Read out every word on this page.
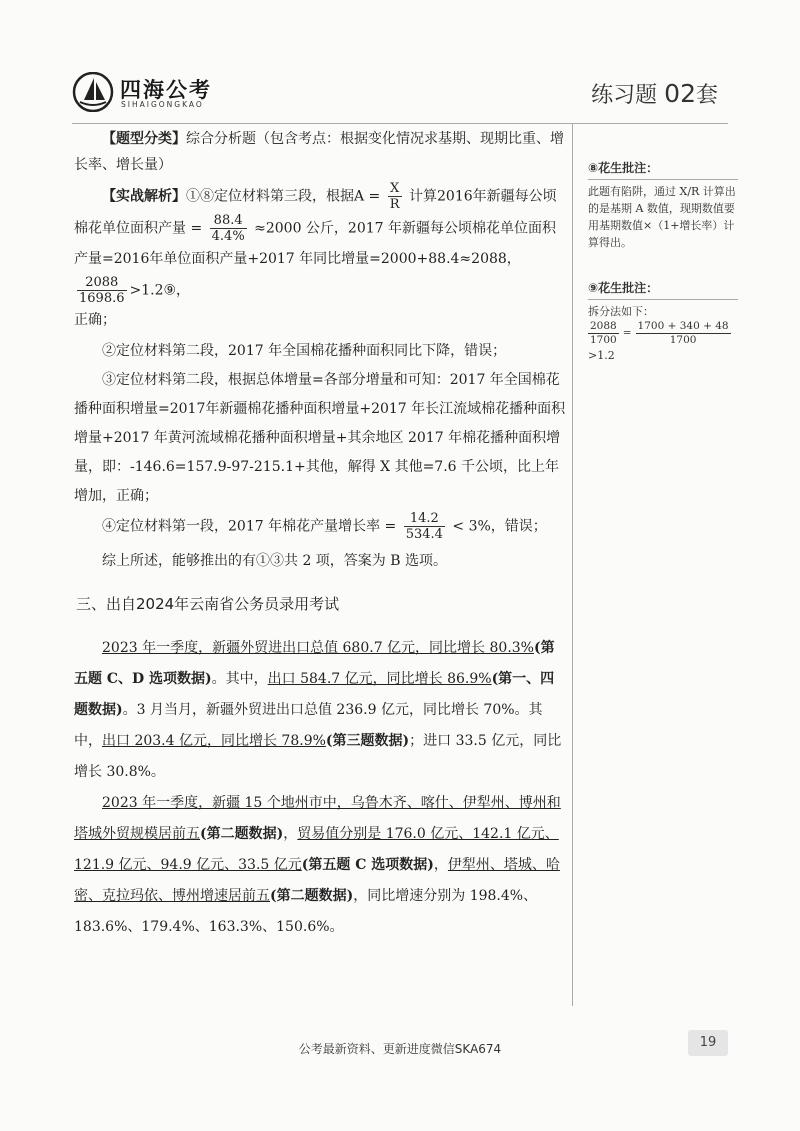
四海公考
SIHAIGONGKAO	练习题 02套

【题型分类】综合分析题（包含考点：根据变化情况求基期、现期比重、增长率、增长量）

【实战解析】①⑧定位材料第三段，根据$A = \frac{X}{R}$ 计算2016年新疆每公顷棉花单位面积产量 = $\frac{88.4}{4.4\%} \approx 2000$ 公斤，2017 年新疆每公顷棉花单位面积产量=2016年单位面积产量+2017 年同比增量=2000+88.4≈2088，
$\frac{2088}{1698.6}$ >1.2⑨，

正确；

②定位材料第二段，2017 年全国棉花播种面积同比下降，错误；

③定位材料第二段，根据总体增量=各部分增量和可知：2017 年全国棉花播种面积增量=2017年新疆棉花播种面积增量+2017 年长江流域棉花播种面积增量+2017 年黄河流域棉花播种面积增量+其余地区 2017 年棉花播种面积增量，即：-146.6=157.9-97-215.1+其他，解得 X 其他=7.6 千公顷，比上年增加，正确；

④定位材料第一段，2017 年棉花产量增长率 = $\frac{14.2}{534.4} < 3\%$，错误；

综上所述，能够推出的有①③共 2 项，答案为 B 选项。

三、出自2024年云南省公务员录用考试

2023 年一季度，新疆外贸进出口总值 680.7 亿元，同比增长 80.3%(第五题 C、D 选项数据)。其中，出口 584.7 亿元，同比增长 86.9%(第一、四题数据)。3 月当月，新疆外贸进出口总值 236.9 亿元，同比增长 70%。其中，出口 203.4 亿元，同比增长 78.9%(第三题数据)；进口 33.5 亿元，同比增长 30.8%。

2023 年一季度，新疆 15 个地州市中，乌鲁木齐、喀什、伊犁州、博州和塔城外贸规模居前五(第二题数据)，贸易值分别是 176.0 亿元、142.1 亿元、121.9 亿元、94.9 亿元、33.5 亿元(第五题 C 选项数据)，伊犁州、塔城、哈密、克拉玛依、博州增速居前五(第二题数据)，同比增速分别为 198.4%、183.6%、179.4%、163.3%、150.6%。

⑧花生批注：
此题有陷阱，通过 X/R 计算出的是基期 A 数值，现期数值要用基期数值×（1+增长率）计算得出。
⑨花生批注：
拆分法如下：
$\frac{2088}{1700} = \frac{1700 + 340 + 48}{1700}$
>1.2
公考最新资料、更新进度微信SKA674	19
